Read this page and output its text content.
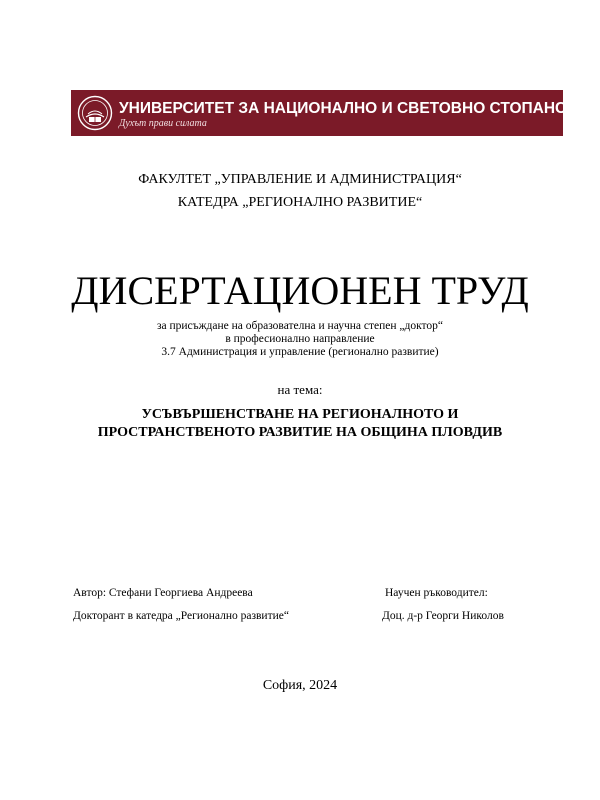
УНИВЕРСИТЕТ ЗА НАЦИОНАЛНО И СВЕТОВНО СТОПАНСТВО
Духът прави силата
ФАКУЛТЕТ „УПРАВЛЕНИЕ И АДМИНИСТРАЦИЯ“
КАТЕДРА „РЕГИОНАЛНО РАЗВИТИЕ“
ДИСЕРТАЦИОНЕН ТРУД
за присъждане на образователна и научна степен „доктор“
в професионално направление
3.7 Администрация и управление (регионално развитие)
на тема:
УСЪВЪРШЕНСТВАНЕ НА РЕГИОНАЛНОТО И
ПРОСТРАНСТВЕНОТО РАЗВИТИЕ НА ОБЩИНА ПЛОВДИВ
Автор: Стефани Георгиева Андреева
Докторант в катедра „Регионално развитие“
Научен ръководител:
Доц. д-р Георги Николов
София, 2024
